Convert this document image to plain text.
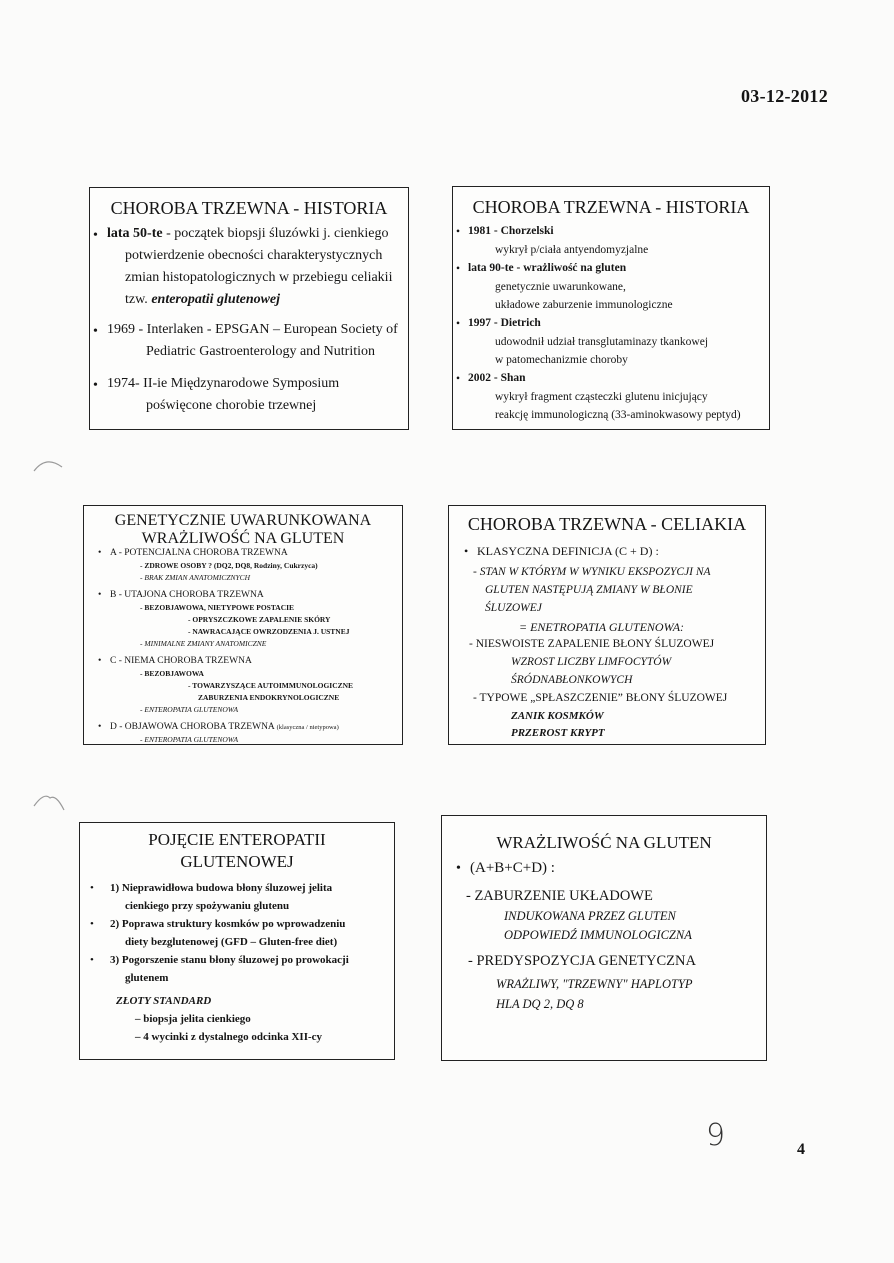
03-12-2012
CHOROBA TRZEWNA - HISTORIA
• lata 50-te - początek biopsji śluzówki j. cienkiego
potwierdzenie obecności charakterystycznych
zmian histopatologicznych w przebiegu celiakii
tzw. enteropatii glutenowej
• 1969 - Interlaken - EPSGAN – European Society of
Pediatric Gastroenterology and Nutrition
• 1974- II-ie Międzynarodowe Symposium
poświęcone chorobie trzewnej
CHOROBA TRZEWNA - HISTORIA
• 1981 - Chorzelski
wykrył p/ciała antyendomyzjalne
• lata 90-te - wrażliwość na gluten
genetycznie uwarunkowane,
układowe zaburzenie immunologiczne
• 1997 - Dietrich
udowodnił udział transglutaminazy tkankowej
w patomechanizmie choroby
• 2002 - Shan
wykrył fragment cząsteczki glutenu inicjujący
reakcję immunologiczną (33-aminokwasowy peptyd)
GENETYCZNIE UWARUNKOWANA
WRAŻLIWOŚĆ NA GLUTEN
• A - POTENCJALNA CHOROBA TRZEWNA
- ZDROWE OSOBY ? (DQ2, DQ8, Rodziny, Cukrzyca)
- BRAK ZMIAN ANATOMICZNYCH
• B - UTAJONA CHOROBA TRZEWNA
- BEZOBJAWOWA, NIETYPOWE POSTACIE
- OPRYSZCZKOWE ZAPALENIE SKÓRY
- NAWRACAJĄCE OWRZODZENIA J. USTNEJ
- MINIMALNE ZMIANY ANATOMICZNE
• C - NIEMA CHOROBA TRZEWNA
- BEZOBJAWOWA
- TOWARZYSZĄCE AUTOIMMUNOLOGICZNE
ZABURZENIA ENDOKRYNOLOGICZNE
- ENTEROPATIA GLUTENOWA
• D - OBJAWOWA CHOROBA TRZEWNA (klasyczna / nietypowa)
- ENTEROPATIA GLUTENOWA
CHOROBA TRZEWNA - CELIAKIA
• KLASYCZNA DEFINICJA (C + D) :
- STAN W KTÓRYM W WYNIKU EKSPOZYCJI NA
GLUTEN NASTĘPUJĄ ZMIANY W BŁONIE
ŚLUZOWEJ
= ENETROPATIA GLUTENOWA:
- NIESWOISTE ZAPALENIE BŁONY ŚLUZOWEJ
WZROST LICZBY LIMFOCYTÓW
ŚRÓDNABŁONKOWYCH
- TYPOWE „SPŁASZCZENIE” BŁONY ŚLUZOWEJ
ZANIK KOSMKÓW
PRZEROST KRYPT
POJĘCIE ENTEROPATII
GLUTENOWEJ
• 1) Nieprawidłowa budowa błony śluzowej jelita
cienkiego przy spożywaniu glutenu
• 2) Poprawa struktury kosmków po wprowadzeniu
diety bezglutenowej (GFD – Gluten-free diet)
• 3) Pogorszenie stanu błony śluzowej po prowokacji
glutenem
ZŁOTY STANDARD
– biopsja jelita cienkiego
– 4 wycinki z dystalnego odcinka XII-cy
WRAŻLIWOŚĆ NA GLUTEN
• (A+B+C+D) :
- ZABURZENIE UKŁADOWE
INDUKOWANA PRZEZ GLUTEN
ODPOWIEDŹ IMMUNOLOGICZNA
- PREDYSPOZYCJA GENETYCZNA
WRAŻLIWY, "TRZEWNY" HAPLOTYP
HLA DQ 2, DQ 8
9	4
